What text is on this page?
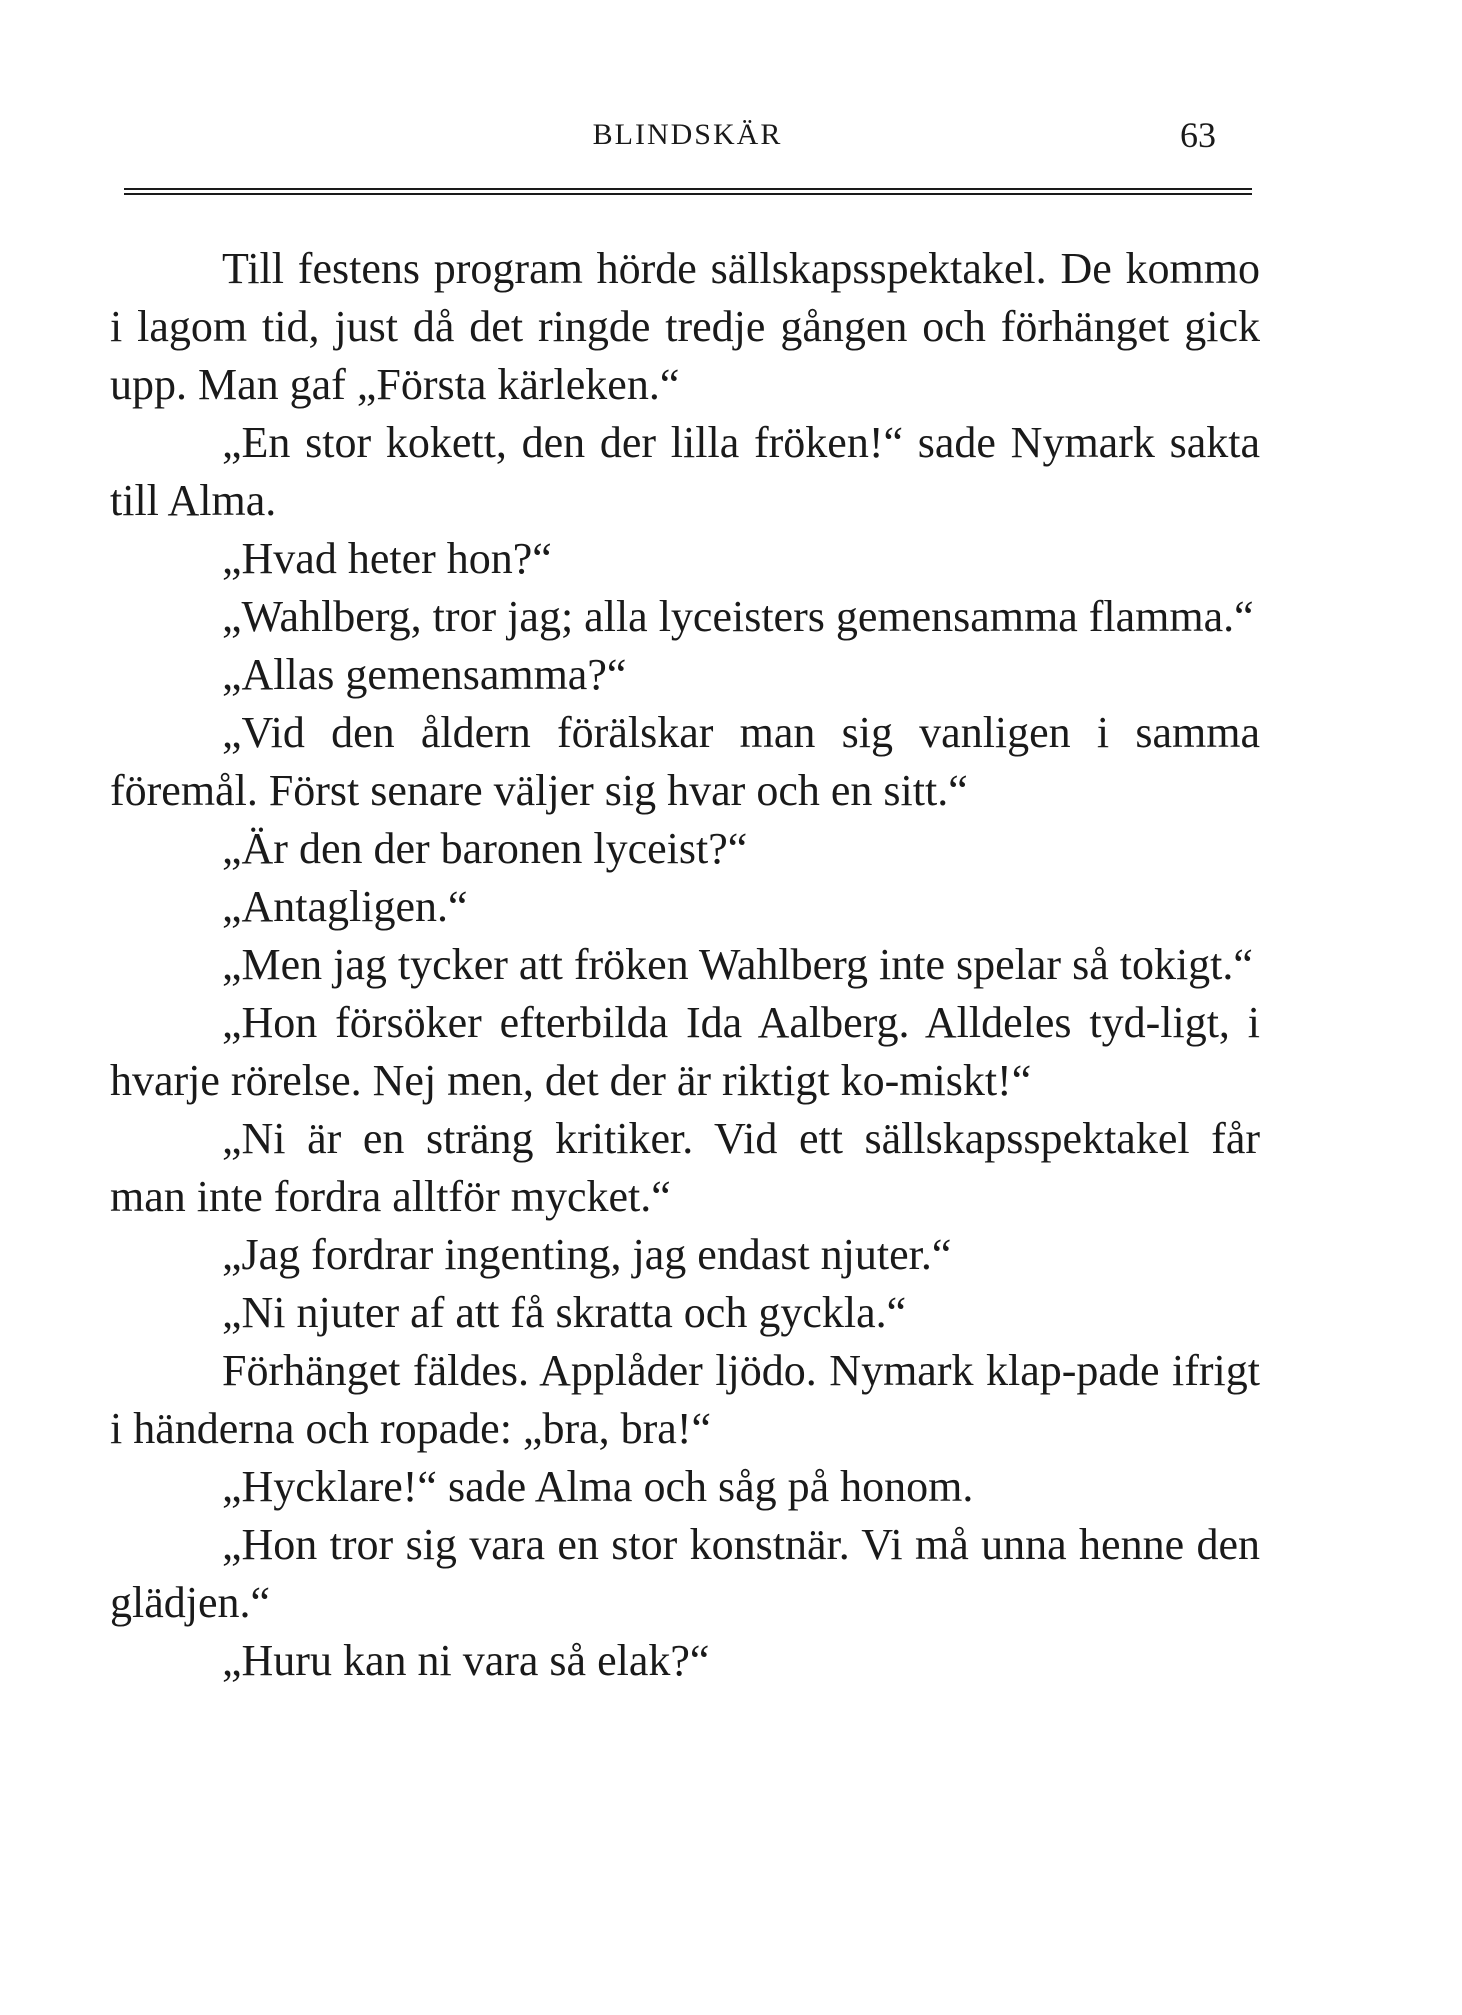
BLINDSKÄR	63

Till festens program hörde sällskapsspektakel. De kommo i lagom tid, just då det ringde tredje gången och förhänget gick upp. Man gaf „Första kärleken.“

„En stor kokett, den der lilla fröken!“ sade Nymark sakta till Alma.

„Hvad heter hon?“

„Wahlberg, tror jag; alla lyceisters gemensamma flamma.“

„Allas gemensamma?“

„Vid den åldern förälskar man sig vanligen i samma föremål. Först senare väljer sig hvar och en sitt.“

„Är den der baronen lyceist?“

„Antagligen.“

„Men jag tycker att fröken Wahlberg inte spelar så tokigt.“

„Hon försöker efterbilda Ida Aalberg. Alldeles tyd-ligt, i hvarje rörelse. Nej men, det der är riktigt ko-miskt!“

„Ni är en sträng kritiker. Vid ett sällskapsspektakel får man inte fordra alltför mycket.“

„Jag fordrar ingenting, jag endast njuter.“

„Ni njuter af att få skratta och gyckla.“

Förhänget fäldes. Applåder ljödo. Nymark klap-pade ifrigt i händerna och ropade: „bra, bra!“

„Hycklare!“ sade Alma och såg på honom.

„Hon tror sig vara en stor konstnär. Vi må unna henne den glädjen.“

„Huru kan ni vara så elak?“
